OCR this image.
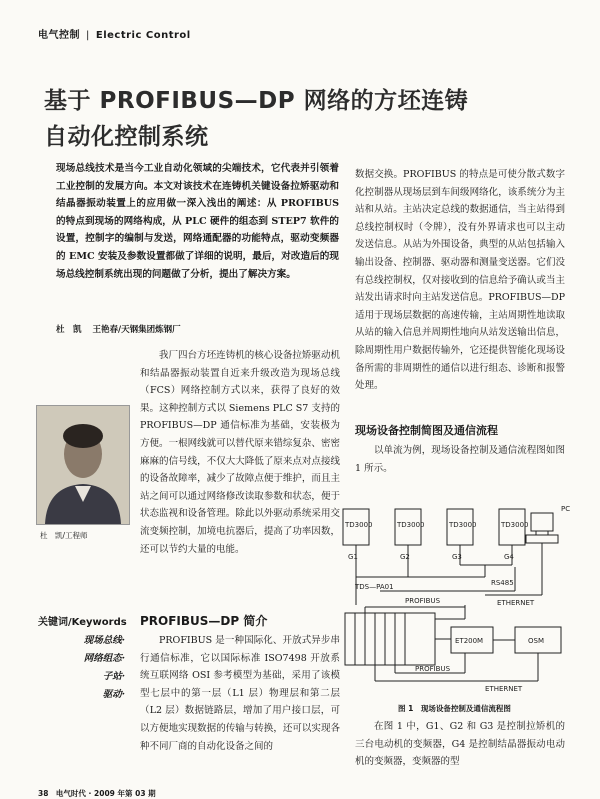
电气控制 | Electric Control
基于 PROFIBUS—DP 网络的方坯连铸
自动化控制系统
现场总线技术是当今工业自动化领域的尖端技术，它代表并引领着工业控制的发展方向。本文对该技术在连铸机关键设备拉矫驱动和结晶器振动装置上的应用做一深入浅出的阐述：从 PROFIBUS 的特点到现场的网络构成，从 PLC 硬件的组态到 STEP7 软件的设置，控制字的编制与发送，网络通配器的功能特点，驱动变频器的 EMC 安装及参数设置都做了详细的说明，最后，对改造后的现场总线控制系统出现的问题做了分析，提出了解决方案。
杜　凯 王艳春/天钢集团炼钢厂
杜　凯/工程师
我厂四台方坯连铸机的核心设备拉矫驱动机和结晶器振动装置自近来升级改造为现场总线（FCS）网络控制方式以来，获得了良好的效果。这种控制方式以 Siemens PLC S7 支持的 PROFIBUS—DP 通信标准为基础，安装极为方便。一根网线就可以替代原来错综复杂、密密麻麻的信号线，不仅大大降低了原来点对点接线的设备故障率，减少了故障点便于维护，而且主站之间可以通过网络修改读取参数和状态，便于状态监视和设备管理。除此以外驱动系统采用交流变频控制，加境电抗器后，提高了功率因数，还可以节约大量的电能。
关键词/Keywords
现场总线·
网络组态·
子站·
驱动·
PROFIBUS—DP 简介
PROFIBUS 是一种国际化、开放式异步串行通信标准，它以国际标准 ISO7498 开放系统互联网络 OSI 参考模型为基础，采用了该模型七层中的第一层（L1 层）物理层和第二层（L2 层）数据链路层，增加了用户接口层，可以方便地实现数据的传输与转换，还可以实现各种不同厂商的自动化设备之间的
数据交换。PROFIBUS 的特点是可使分散式数字化控制器从现场层到车间级网络化，该系统分为主站和从站。主站决定总线的数据通信，当主站得到总线控制权时（令牌），没有外界请求也可以主动发送信息。从站为外围设备，典型的从站包括输入输出设备、控制器、驱动器和测量变送器。它们没有总线控制权，仅对接收到的信息给予确认或当主站发出请求时向主站发送信息。PROFIBUS—DP 适用于现场层数据的高速传输，主站周期性地读取从站的输入信息并周期性地向从站发送输出信息，除周期性用户数据传输外，它还提供智能化现场设备所需的非周期性的通信以进行组态、诊断和报警处理。
现场设备控制简图及通信流程
以单流为例，现场设备控制及通信流程图如图 1 所示。
TD3000	TD3000	TD3000	TD3000
G1	G2	G3	G4
PC
RS485
TDS—PA01
ETHERNET
PROFIBUS
ET200M	OSM
PROFIBUS
ETHERNET
图 1　现场设备控制及通信流程图
在图 1 中，G1、G2 和 G3 是控制拉矫机的三台电动机的变频器，G4 是控制结晶器振动电动机的变频器，变频器的型
38　电气时代 · 2009 年第 03 期
